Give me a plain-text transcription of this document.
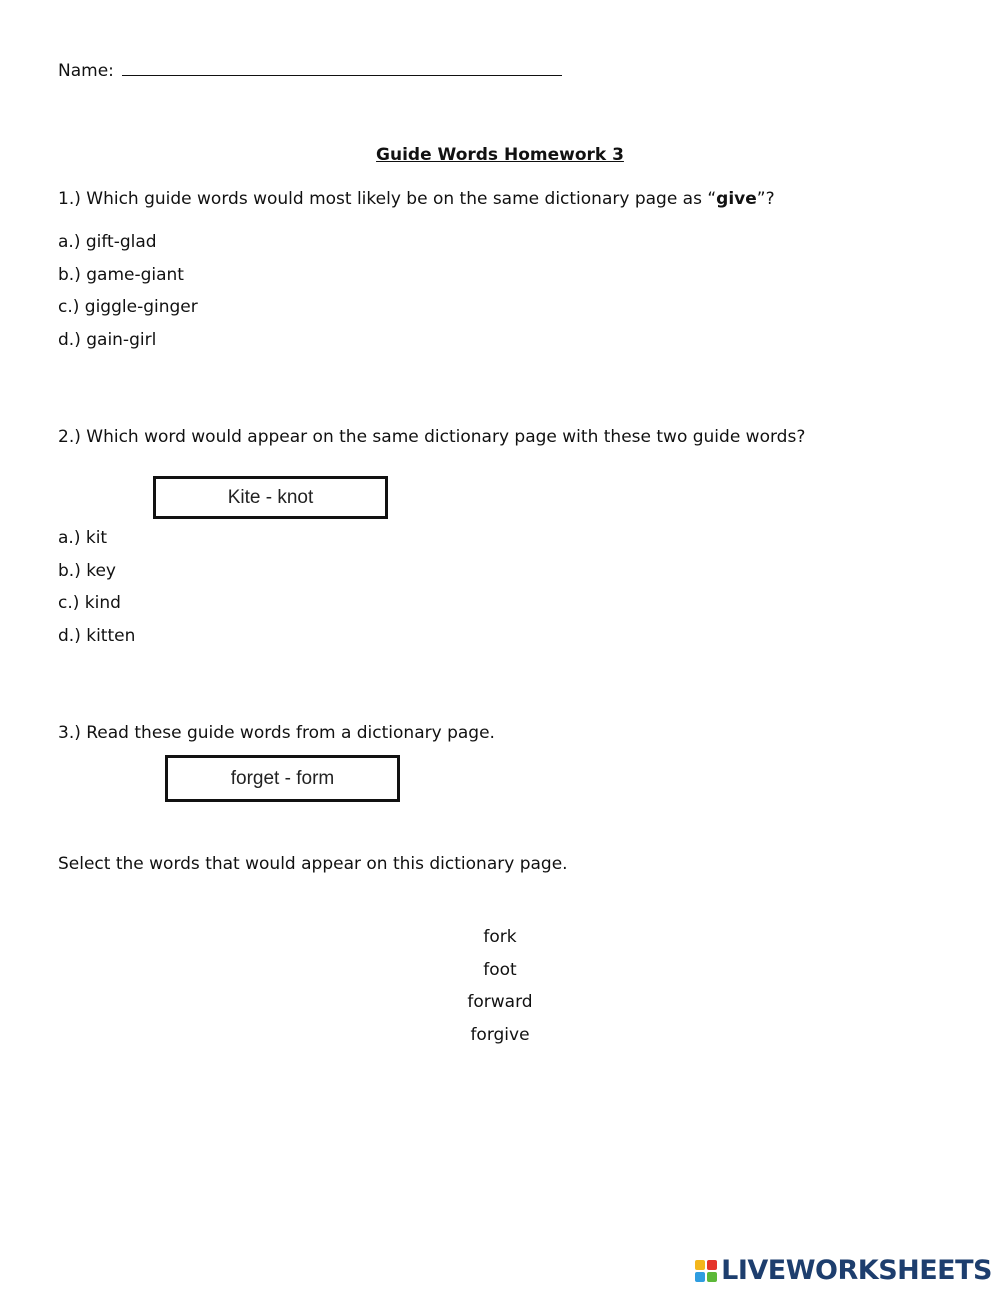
Name:
Guide Words Homework 3
1.) Which guide words would most likely be on the same dictionary page as “give”?
a.) gift-glad
b.) game-giant
c.) giggle-ginger
d.) gain-girl
2.) Which word would appear on the same dictionary page with these two guide words?
Kite - knot
a.) kit
b.) key
c.) kind
d.) kitten
3.) Read these guide words from a dictionary page.
forget - form
Select the words that would appear on this dictionary page.
fork
foot
forward
forgive
LIVEWORKSHEETS
